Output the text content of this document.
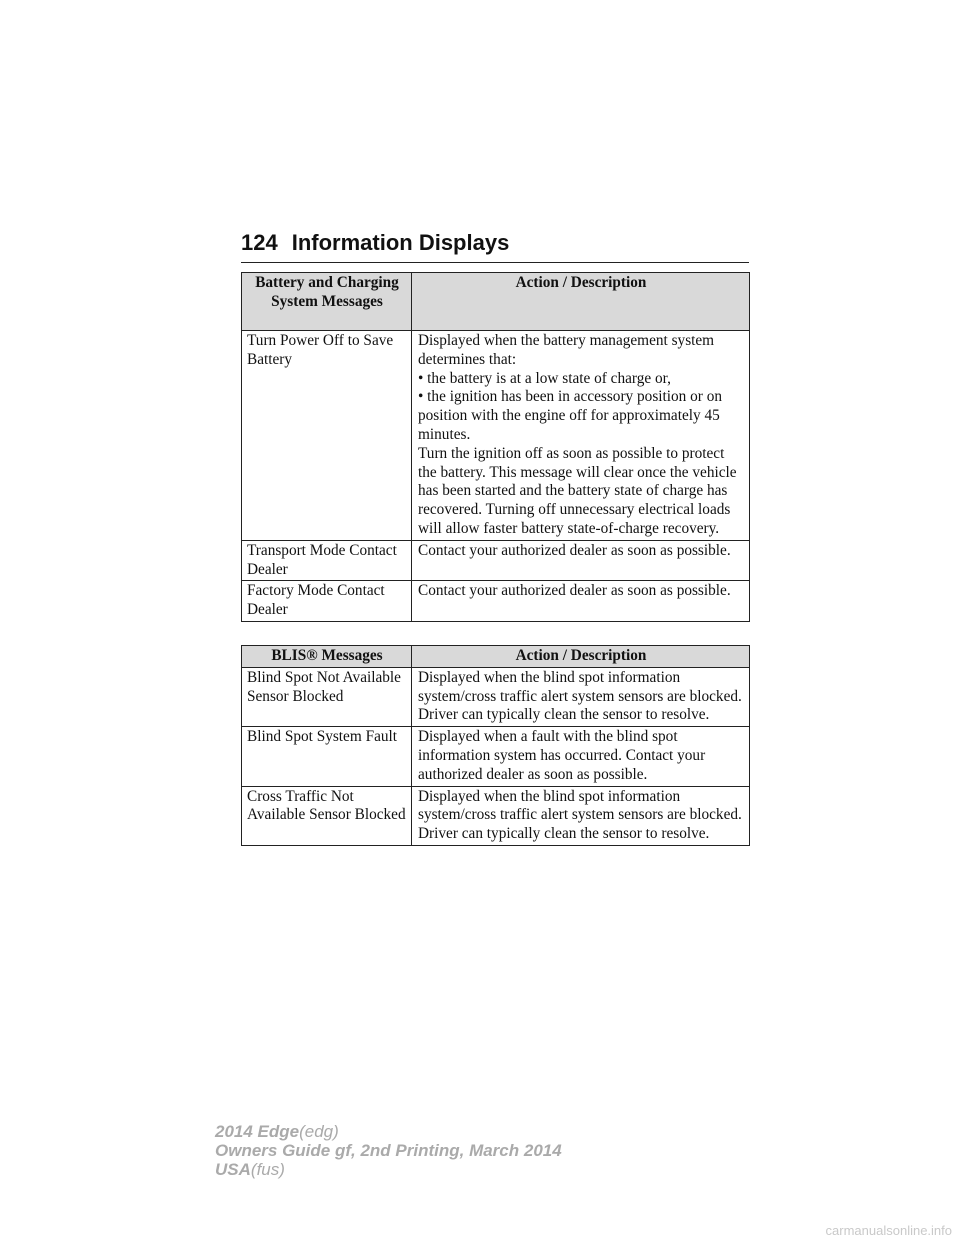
124 Information Displays
Battery and Charging System Messages	Action / Description
Turn Power Off to Save Battery	Displayed when the battery management system determines that:
• the battery is at a low state of charge or,
• the ignition has been in accessory position or on position with the engine off for approximately 45 minutes.
Turn the ignition off as soon as possible to protect the battery. This message will clear once the vehicle has been started and the battery state of charge has recovered. Turning off unnecessary electrical loads will allow faster battery state-of-charge recovery.

Transport Mode Contact Dealer	Contact your authorized dealer as soon as possible.
Factory Mode Contact Dealer	Contact your authorized dealer as soon as possible.
BLIS® Messages	Action / Description
Blind Spot Not Available Sensor Blocked	Displayed when the blind spot information system/cross traffic alert system sensors are blocked. Driver can typically clean the sensor to resolve.
Blind Spot System Fault	Displayed when a fault with the blind spot information system has occurred. Contact your authorized dealer as soon as possible.
Cross Traffic Not Available Sensor Blocked	Displayed when the blind spot information system/cross traffic alert system sensors are blocked. Driver can typically clean the sensor to resolve.
2014 Edge(edg)
Owners Guide gf, 2nd Printing, March 2014
USA(fus)
carmanualsonline.info
